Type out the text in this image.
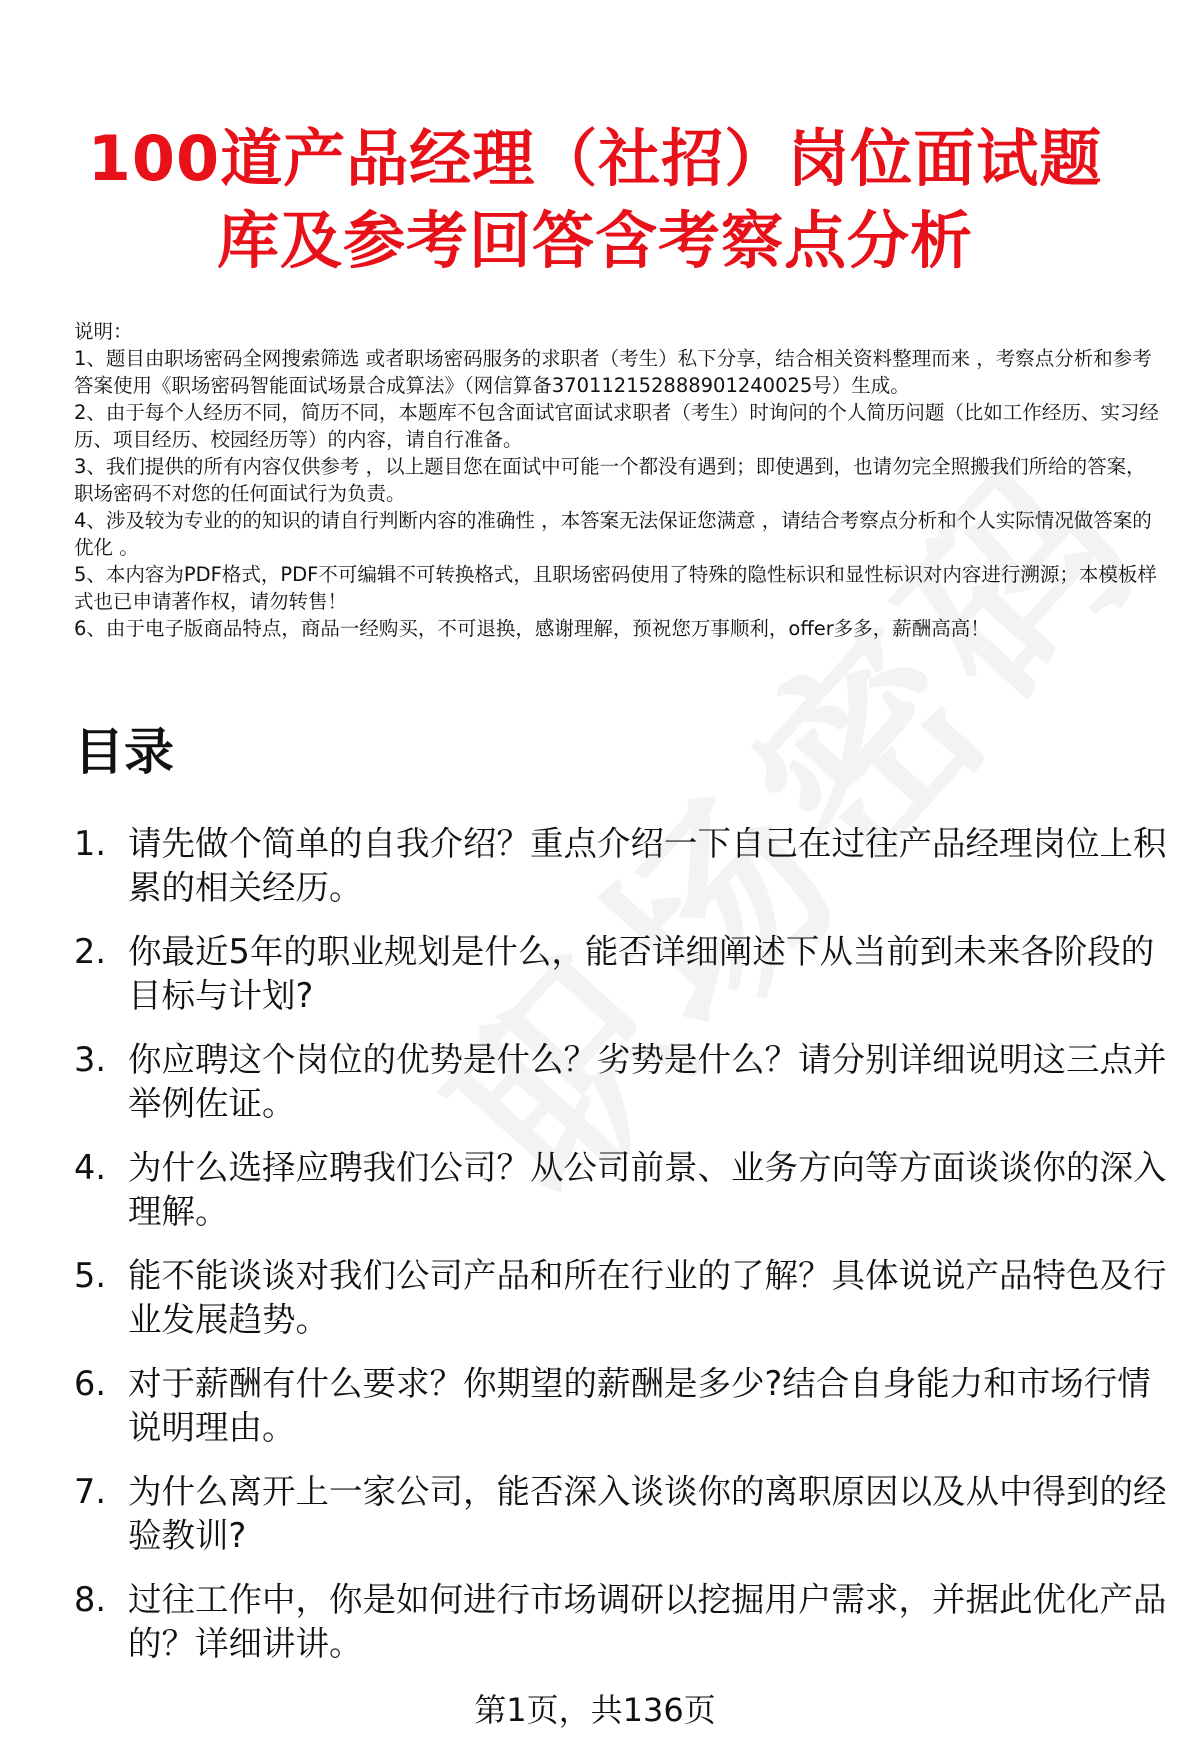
100道产品经理（社招）岗位面试题
库及参考回答含考察点分析

说明：

1、题目由职场密码全网搜索筛选 或者职场密码服务的求职者（考生）私下分享，结合相关资料整理而来 ，考察点分析和参考答案使用《职场密码智能面试场景合成算法》（网信算备370112152888901240025号）生成。

2、由于每个人经历不同，简历不同，本题库不包含面试官面试求职者（考生）时询问的个人简历问题（比如工作经历、实习经历、项目经历、校园经历等）的内容，请自行准备。

3、我们提供的所有内容仅供参考 ，以上题目您在面试中可能一个都没有遇到；即使遇到，也请勿完全照搬我们所给的答案，职场密码不对您的任何面试行为负责。

4、涉及较为专业的的知识的请自行判断内容的准确性 ，本答案无法保证您满意 ，请结合考察点分析和个人实际情况做答案的优化 。

5、本内容为PDF格式，PDF不可编辑不可转换格式，且职场密码使用了特殊的隐性标识和显性标识对内容进行溯源；本模板样式也已申请著作权，请勿转售！

6、由于电子版商品特点，商品一经购买，不可退换，感谢理解，预祝您万事顺利，offer多多，薪酬高高！

目录
1. 请先做个简单的自我介绍？重点介绍一下自己在过往产品经理岗位上积累的相关经历。
2. 你最近5年的职业规划是什么，能否详细阐述下从当前到未来各阶段的目标与计划?
3. 你应聘这个岗位的优势是什么？劣势是什么？请分别详细说明这三点并举例佐证。
4. 为什么选择应聘我们公司？从公司前景、业务方向等方面谈谈你的深入理解。
5. 能不能谈谈对我们公司产品和所在行业的了解？具体说说产品特色及行业发展趋势。
6. 对于薪酬有什么要求？你期望的薪酬是多少?结合自身能力和市场行情说明理由。
7. 为什么离开上一家公司，能否深入谈谈你的离职原因以及从中得到的经验教训?
8. 过往工作中，你是如何进行市场调研以挖掘用户需求，并据此优化产品的？详细讲讲。
第1页，共136页
